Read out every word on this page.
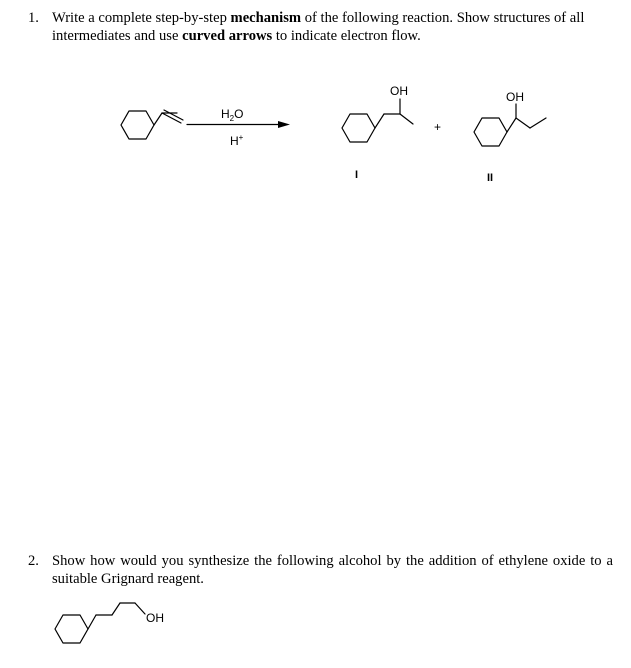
1. Write a complete step-by-step mechanism of the following reaction. Show structures of all intermediates and use curved arrows to indicate electron flow.
2. Show how would you synthesize the following alcohol by the addition of ethylene oxide to a suitable Grignard reagent.
$H_2O$
H+
OH
I
+
OH
II
OH
